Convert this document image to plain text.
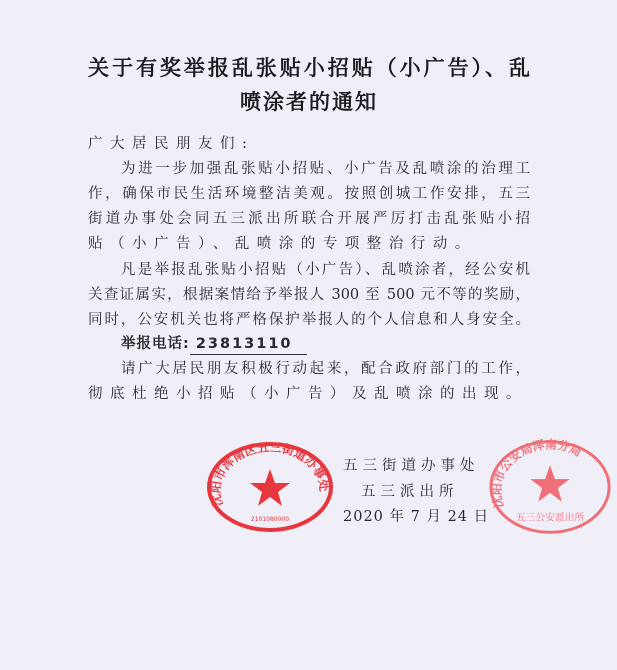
关于有奖举报乱张贴小招贴（小广告）、乱
喷涂者的通知
广大居民朋友们:
为进一步加强乱张贴小招贴、小广告及乱喷涂的治理工
作，确保市民生活环境整洁美观。按照创城工作安排，五三
街道办事处会同五三派出所联合开展严厉打击乱张贴小招
贴（小广告）、乱喷涂的专项整治行动。
凡是举报乱张贴小招贴（小广告）、乱喷涂者，经公安机
关查证属实，根据案情给予举报人 300 至 500 元不等的奖励，
同时，公安机关也将严格保护举报人的个人信息和人身安全。
举报电话: 23813110
请广大居民朋友积极行动起来，配合政府部门的工作，
彻底杜绝小招贴（小广告）及乱喷涂的出现。
沈阳市浑南区五三街道办事处
2101080000
沈阳市公安局浑南分局
五三公安派出所
五三街道办事处
五三派出所
2020 年 7 月 24 日
